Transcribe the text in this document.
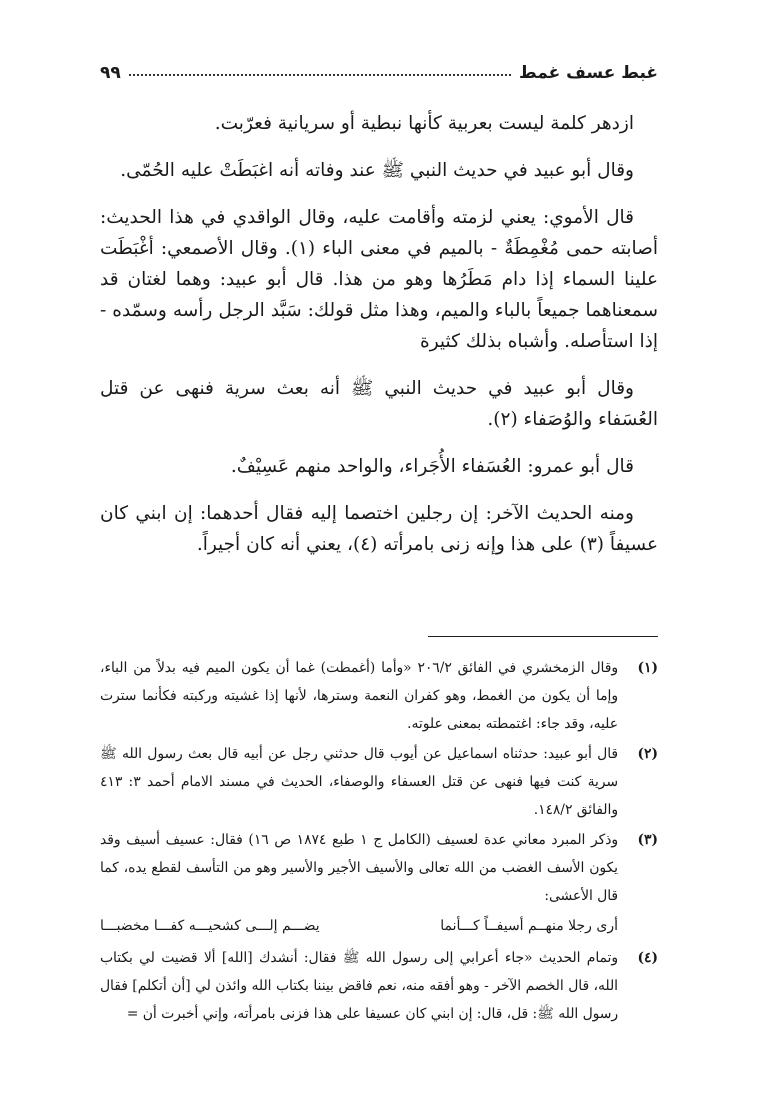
غبط عسف غمط
٩٩

ازدهر كلمة ليست بعربية كأنها نبطية أو سريانية فعرّبت.

وقال أبو عبيد في حديث النبي ﷺ عند وفاته أنه اغبَطَتْ عليه الحُمّى.

قال الأموي: يعني لزمته وأقامت عليه، وقال الواقدي في هذا الحديث: أصابته حمى مُغْمِطَةٌ - بالميم في معنى الباء (١). وقال الأصمعي: أغْبَطَت علينا السماء إذا دام مَطَرُها وهو من هذا. قال أبو عبيد: وهما لغتان قد سمعناهما جميعاً بالباء والميم، وهذا مثل قولك: سَبَّد الرجل رأسه وسمّده - إذا استأصله. وأشباه بذلك كثيرة

وقال أبو عبيد في حديث النبي ﷺ أنه بعث سرية فنهى عن قتل العُسَفاء والوُصَفاء (٢).

قال أبو عمرو: العُسَفاء الأُجَراء، والواحد منهم عَسِيْفٌ.

ومنه الحديث الآخر: إن رجلين اختصما إليه فقال أحدهما: إن ابني كان عسيفاً (٣) على هذا وإنه زنى بامرأته (٤)، يعني أنه كان أجيراً.

(١)

وقال الزمخشري في الفائق ٢٠٦/٢ «وأما (أغمطت) غما أن يكون الميم فيه بدلاً من الباء، وإما أن يكون من الغمط، وهو كفران النعمة وسترها، لأنها إذا غشيته وركبته فكأنما سترت عليه، وقد جاء: اغتمطته بمعنى علوته.

(٢)

قال أبو عبيد: حدثناه اسماعيل عن أيوب قال حدثني رجل عن أبيه قال بعث رسول الله ﷺ سرية كنت فيها فنهى عن قتل العسفاء والوصفاء، الحديث في مسند الامام أحمد ٣: ٤١٣ والفائق ١٤٨/٢.

(٣)

وذكر المبرد معاني عدة لعسيف (الكامل ج ١ طبع ١٨٧٤ ص ١٦) فقال: عسيف أسيف وقد يكون الأسف الغضب من الله تعالى والأسيف الأجير والأسير وهو من التأسف لقطع يده، كما قال الأعشى:

أرى رجلا منهــم أسيفــاً كـــأنما
يضـــم إلـــى كشحيـــه كفـــا مخضبـــا
(٤)

وتمام الحديث «جاء أعرابي إلى رسول الله ﷺ فقال: أنشدك [الله] ألا قضيت لي بكتاب الله، قال الخصم الآخر - وهو أفقه منه، نعم فاقض بيننا بكتاب الله وائذن لي [أن أتكلم] فقال رسول الله ﷺ: قل، قال: إن ابني كان عسيفا على هذا فزنى بامرأته، وإني أخبرت أن =
